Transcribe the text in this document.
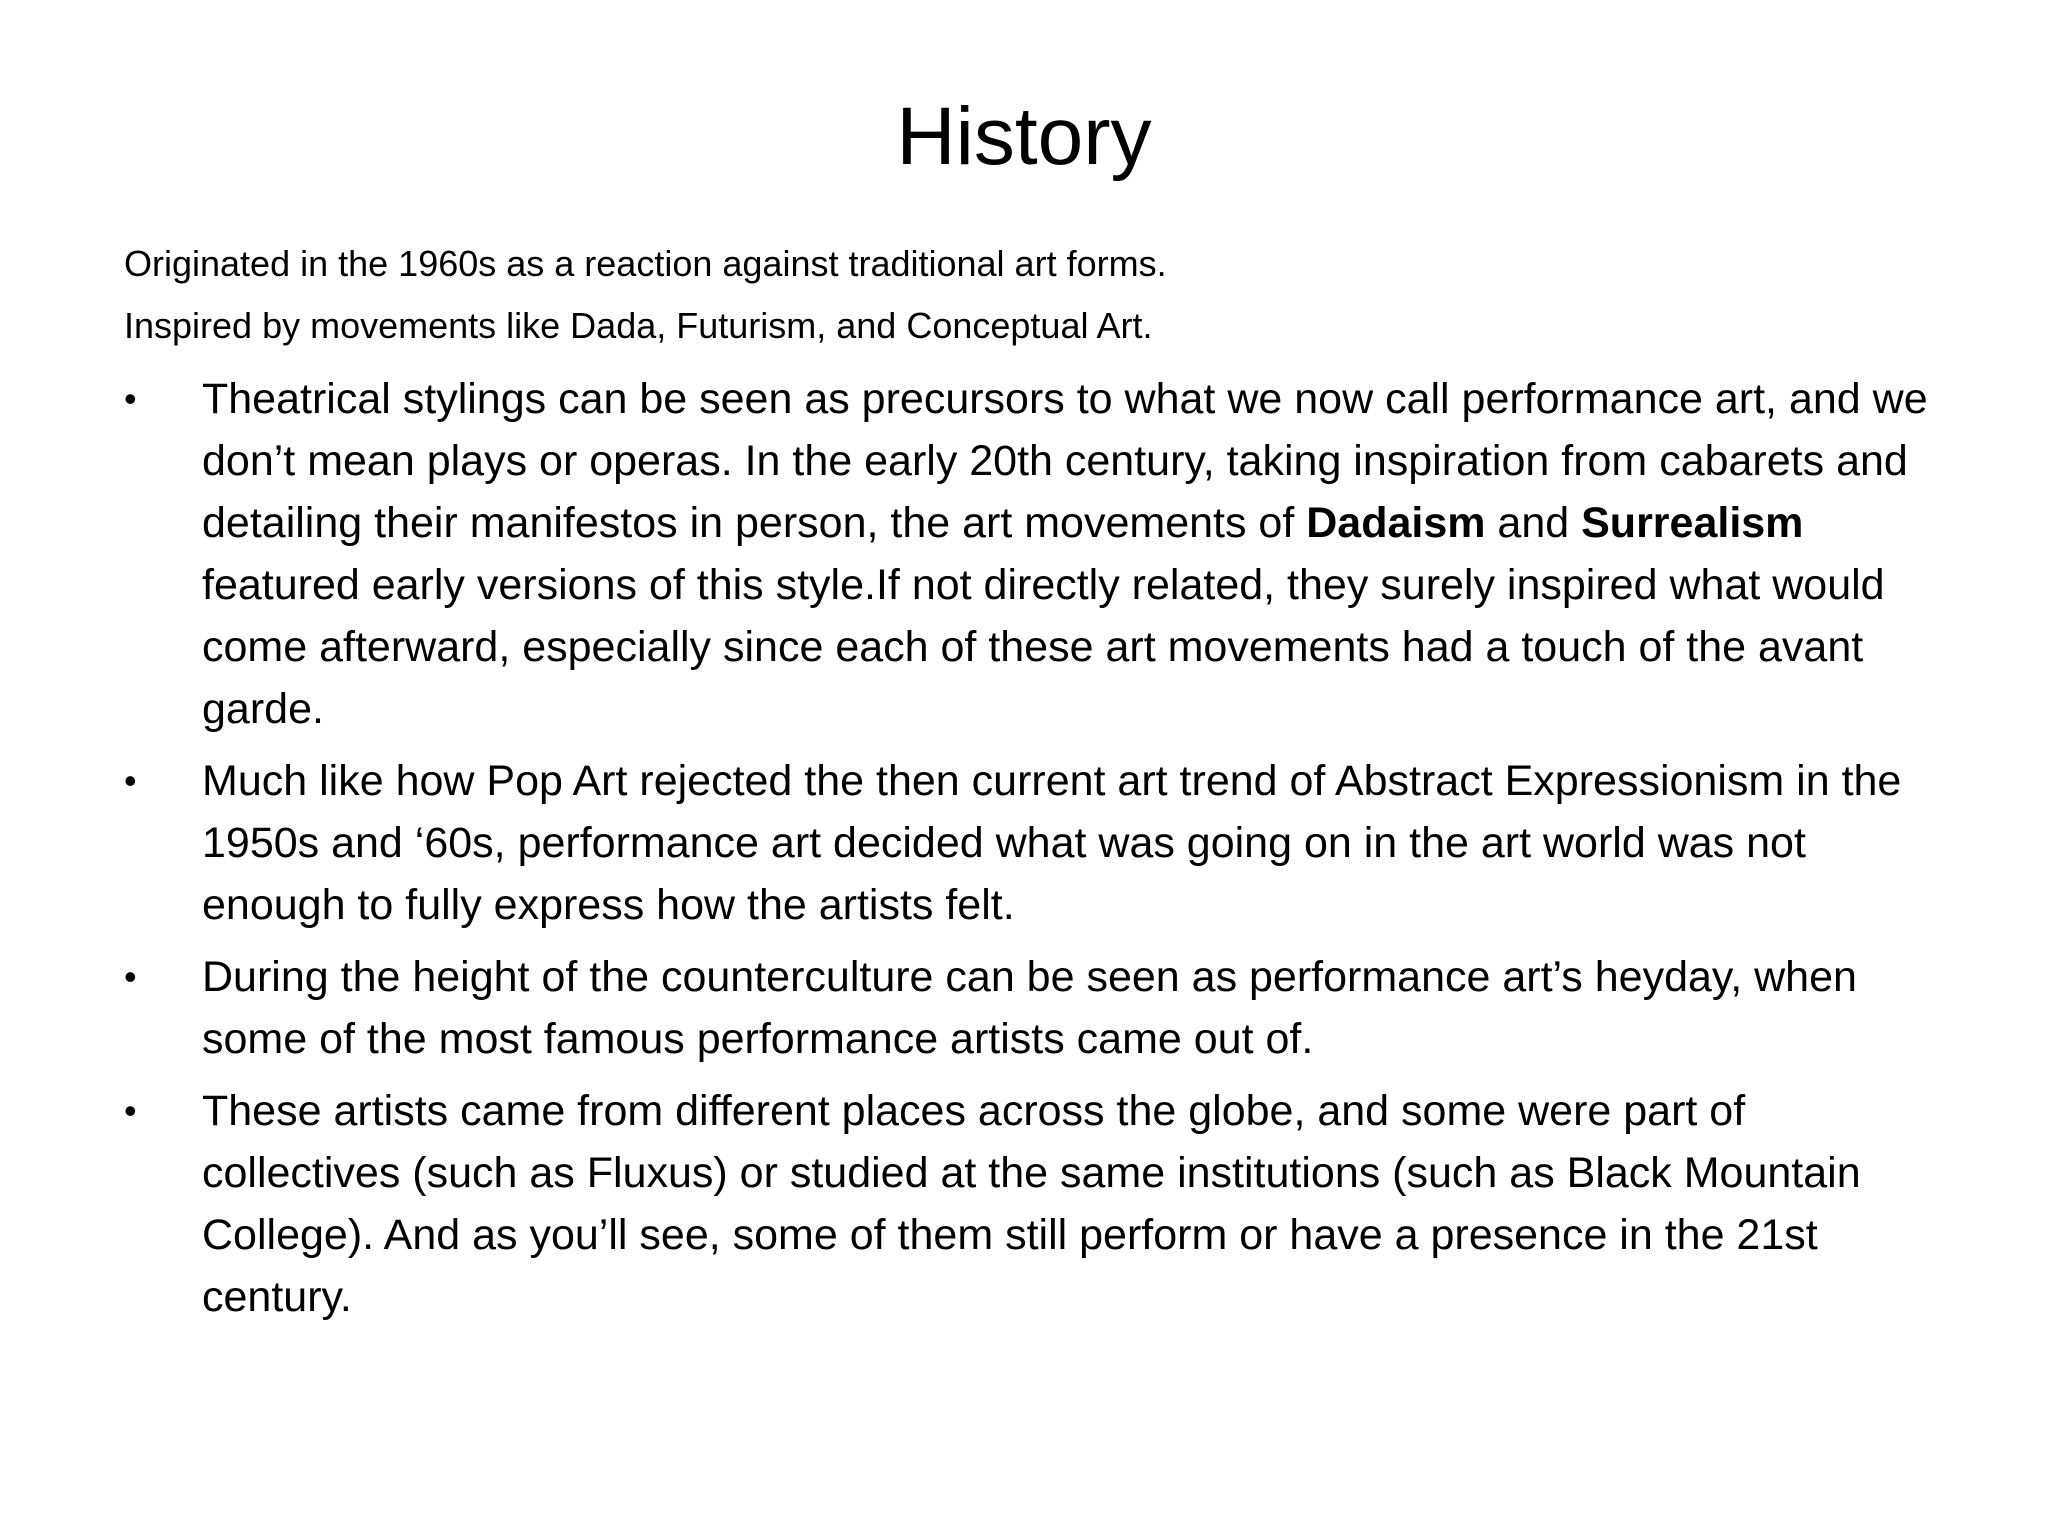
History

Originated in the 1960s as a reaction against traditional art forms.

Inspired by movements like Dada, Futurism, and Conceptual Art.

•	Theatrical stylings can be seen as precursors to what we now call performance art, and we don’t mean plays or operas. In the early 20th century, taking inspiration from cabarets and detailing their manifestos in person, the art movements of Dadaism and Surrealism featured early versions of this style.If not directly related, they surely inspired what would come afterward, especially since each of these art movements had a touch of the avant garde.
•	Much like how Pop Art rejected the then current art trend of Abstract Expressionism in the 1950s and ‘60s, performance art decided what was going on in the art world was not enough to fully express how the artists felt.
•	During the height of the counterculture can be seen as performance art’s heyday, when some of the most famous performance artists came out of.
•	These artists came from different places across the globe, and some were part of collectives (such as Fluxus) or studied at the same institutions (such as Black Mountain College). And as you’ll see, some of them still perform or have a presence in the 21st century.
